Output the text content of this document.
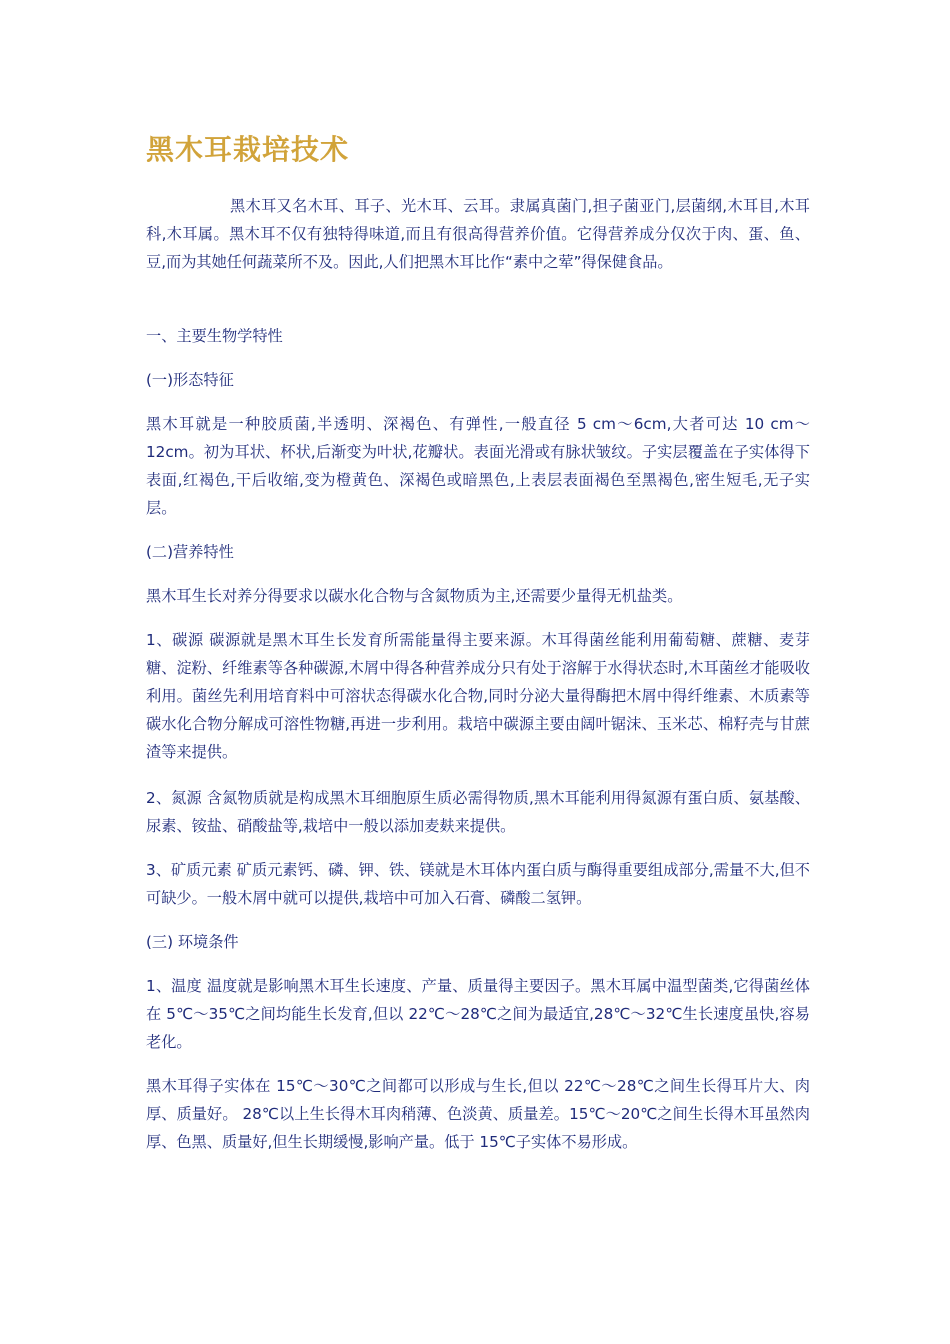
黑木耳栽培技术

黑木耳又名木耳、耳子、光木耳、云耳。隶属真菌门,担子菌亚门,层菌纲,木耳目,木耳科,木耳属。黑木耳不仅有独特得味道,而且有很高得营养价值。它得营养成分仅次于肉、蛋、鱼、豆,而为其她任何蔬菜所不及。因此,人们把黑木耳比作“素中之荤”得保健食品。

一、主要生物学特性

(一)形态特征

黑木耳就是一种胶质菌,半透明、深褐色、有弹性,一般直径 5 cm～6cm,大者可达 10 cm～12cm。初为耳状、杯状,后渐变为叶状,花瓣状。表面光滑或有脉状皱纹。子实层覆盖在子实体得下表面,红褐色,干后收缩,变为橙黄色、深褐色或暗黑色,上表层表面褐色至黑褐色,密生短毛,无子实层。

(二)营养特性

黑木耳生长对养分得要求以碳水化合物与含氮物质为主,还需要少量得无机盐类。

1、碳源 碳源就是黑木耳生长发育所需能量得主要来源。木耳得菌丝能利用葡萄糖、蔗糖、麦芽糖、淀粉、纤维素等各种碳源,木屑中得各种营养成分只有处于溶解于水得状态时,木耳菌丝才能吸收利用。菌丝先利用培育料中可溶状态得碳水化合物,同时分泌大量得酶把木屑中得纤维素、木质素等碳水化合物分解成可溶性物糖,再进一步利用。栽培中碳源主要由阔叶锯沫、玉米芯、棉籽壳与甘蔗渣等来提供。

2、氮源 含氮物质就是构成黑木耳细胞原生质必需得物质,黑木耳能利用得氮源有蛋白质、氨基酸、尿素、铵盐、硝酸盐等,栽培中一般以添加麦麸来提供。

3、矿质元素 矿质元素钙、磷、钾、铁、镁就是木耳体内蛋白质与酶得重要组成部分,需量不大,但不可缺少。一般木屑中就可以提供,栽培中可加入石膏、磷酸二氢钾。

(三) 环境条件

1、温度 温度就是影响黑木耳生长速度、产量、质量得主要因子。黑木耳属中温型菌类,它得菌丝体在 5℃～35℃之间均能生长发育,但以 22℃～28℃之间为最适宜,28℃～32℃生长速度虽快,容易老化。

黑木耳得子实体在 15℃～30℃之间都可以形成与生长,但以 22℃～28℃之间生长得耳片大、肉厚、质量好。 28℃以上生长得木耳肉稍薄、色淡黄、质量差。15℃～20℃之间生长得木耳虽然肉厚、色黑、质量好,但生长期缓慢,影响产量。低于 15℃子实体不易形成。
